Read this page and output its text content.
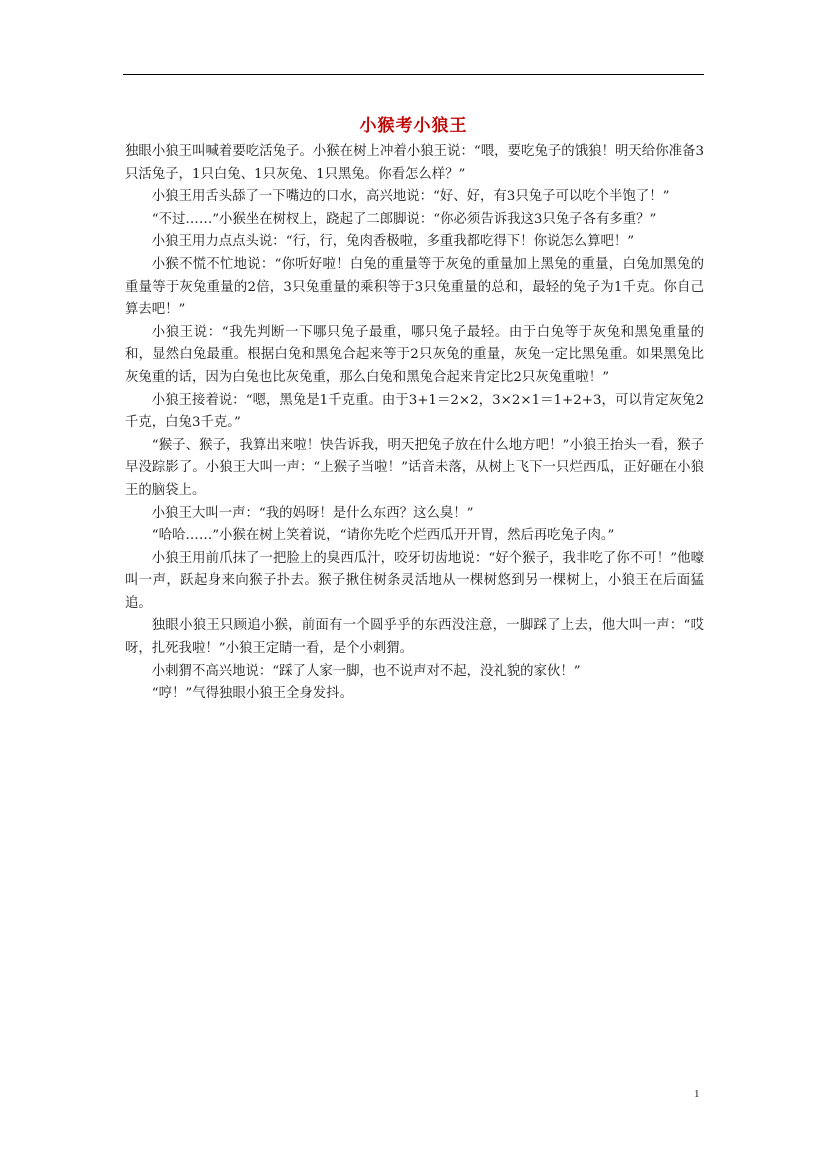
小猴考小狼王

独眼小狼王叫喊着要吃活兔子。小猴在树上冲着小狼王说：“喂，要吃兔子的饿狼！明天给你准备3只活兔子，1只白兔、1只灰兔、1只黑兔。你看怎么样？”

小狼王用舌头舔了一下嘴边的口水，高兴地说：“好、好，有3只兔子可以吃个半饱了！”

“不过……”小猴坐在树杈上，跷起了二郎脚说：“你必须告诉我这3只兔子各有多重？”

小狼王用力点点头说：“行，行，兔肉香极啦，多重我都吃得下！你说怎么算吧！”

小猴不慌不忙地说：“你听好啦！白兔的重量等于灰兔的重量加上黑兔的重量，白兔加黑兔的重量等于灰兔重量的2倍，3只兔重量的乘积等于3只兔重量的总和，最轻的兔子为1千克。你自己算去吧！”

小狼王说：“我先判断一下哪只兔子最重，哪只兔子最轻。由于白兔等于灰兔和黑兔重量的和，显然白兔最重。根据白兔和黑兔合起来等于2只灰兔的重量，灰兔一定比黑兔重。如果黑兔比灰兔重的话，因为白兔也比灰兔重，那么白兔和黑兔合起来肯定比2只灰兔重啦！”

小狼王接着说：“嗯，黑兔是1千克重。由于3+1＝2×2，3×2×1＝1+2+3，可以肯定灰兔2千克，白兔3千克。”

“猴子、猴子，我算出来啦！快告诉我，明天把兔子放在什么地方吧！”小狼王抬头一看，猴子早没踪影了。小狼王大叫一声：“上猴子当啦！”话音未落，从树上飞下一只烂西瓜，正好砸在小狼王的脑袋上。

小狼王大叫一声：“我的妈呀！是什么东西？这么臭！”

“哈哈……”小猴在树上笑着说，“请你先吃个烂西瓜开开胃，然后再吃兔子肉。”

小狼王用前爪抹了一把脸上的臭西瓜汁，咬牙切齿地说：“好个猴子，我非吃了你不可！”他嚎叫一声，跃起身来向猴子扑去。猴子揪住树条灵活地从一棵树悠到另一棵树上，小狼王在后面猛追。

独眼小狼王只顾追小猴，前面有一个圆乎乎的东西没注意，一脚踩了上去，他大叫一声：“哎呀，扎死我啦！”小狼王定睛一看，是个小刺猬。

小刺猬不高兴地说：“踩了人家一脚，也不说声对不起，没礼貌的家伙！”

“哼！”气得独眼小狼王全身发抖。

1
